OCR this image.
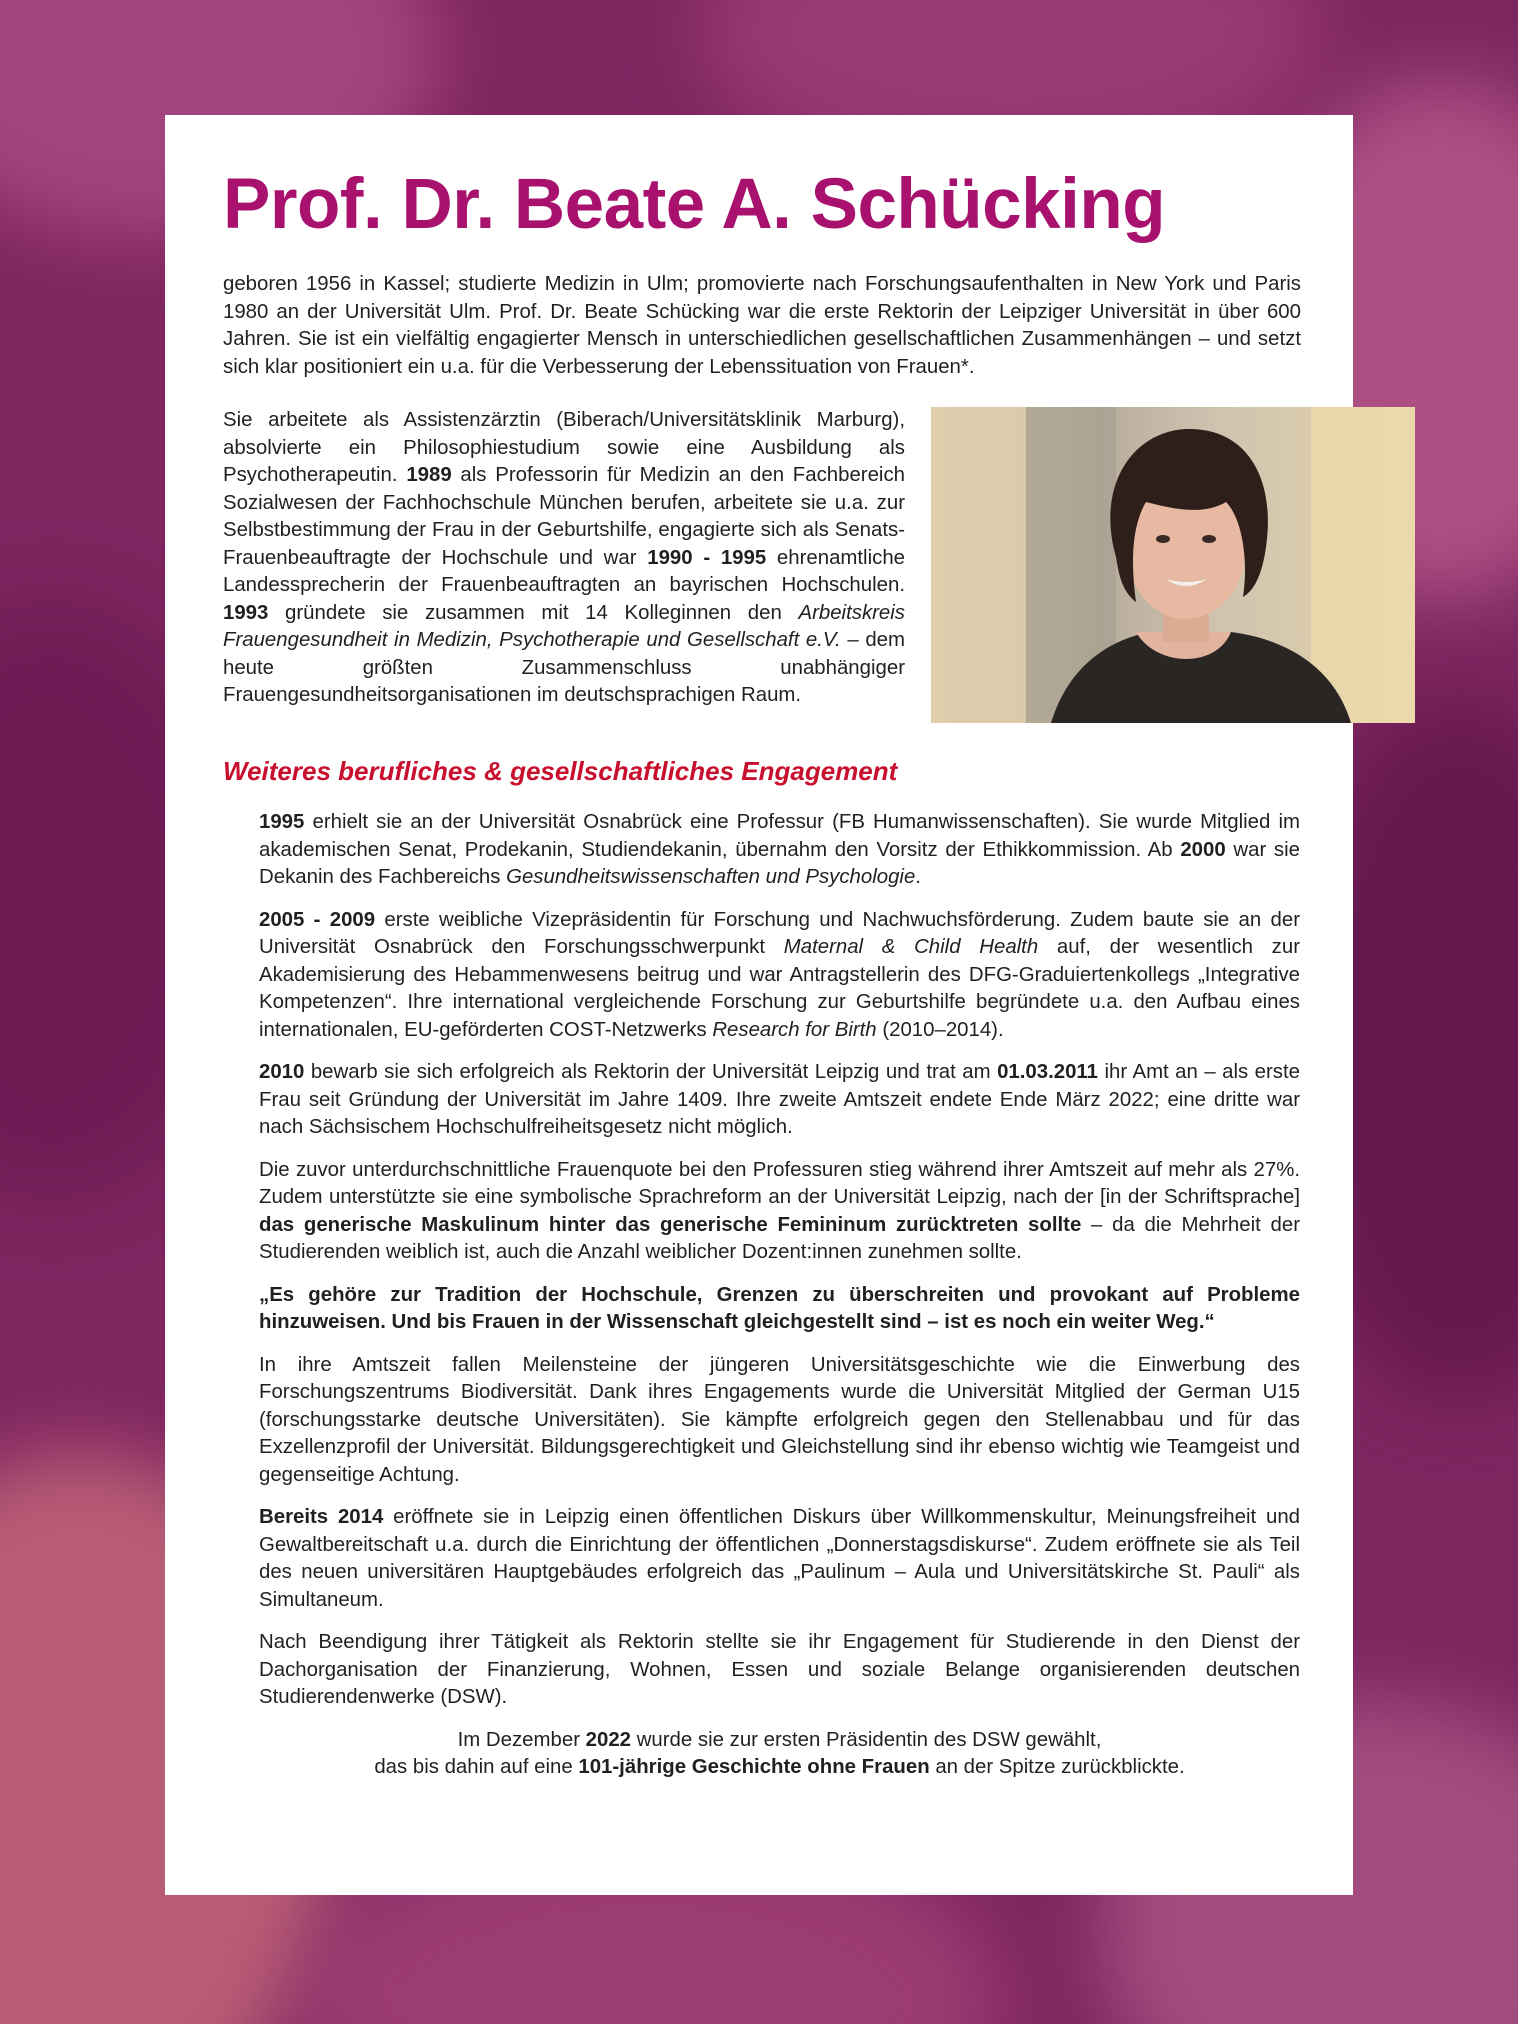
Prof. Dr. Beate A. Schücking

geboren 1956 in Kassel; studierte Medizin in Ulm; promovierte nach Forschungsaufenthalten in New York und Paris 1980 an der Universität Ulm. Prof. Dr. Beate Schücking war die erste Rektorin der Leipziger Universität in über 600 Jahren. Sie ist ein vielfältig engagierter Mensch in unterschiedlichen gesellschaftlichen Zusammenhängen – und setzt sich klar positioniert ein u.a. für die Verbesserung der Lebenssituation von Frauen*.

Sie arbeitete als Assistenzärztin (Biberach/Universitätsklinik Marburg), absolvierte ein Philosophiestudium sowie eine Ausbildung als Psychotherapeutin. 1989 als Professorin für Medizin an den Fachbereich Sozialwesen der Fachhochschule München berufen, arbeitete sie u.a. zur Selbstbestimmung der Frau in der Geburtshilfe, engagierte sich als Senats-Frauenbeauftragte der Hochschule und war 1990 - 1995 ehrenamtliche Landessprecherin der Frauenbeauftragten an bayrischen Hochschulen. 1993 gründete sie zusammen mit 14 Kolleginnen den Arbeitskreis Frauengesundheit in Medizin, Psychotherapie und Gesellschaft e.V. – dem heute größten Zusammenschluss unabhängiger Frauengesundheitsorganisationen im deutschsprachigen Raum.

Weiteres berufliches & gesellschaftliches Engagement

1995 erhielt sie an der Universität Osnabrück eine Professur (FB Humanwissenschaften). Sie wurde Mitglied im akademischen Senat, Prodekanin, Studiendekanin, übernahm den Vorsitz der Ethikkommission. Ab 2000 war sie Dekanin des Fachbereichs Gesundheitswissenschaften und Psychologie.

2005 - 2009 erste weibliche Vizepräsidentin für Forschung und Nachwuchsförderung. Zudem baute sie an der Universität Osnabrück den Forschungsschwerpunkt Maternal & Child Health auf, der wesentlich zur Akademisierung des Hebammenwesens beitrug und war Antragstellerin des DFG-Graduiertenkollegs „Integrative Kompetenzen“. Ihre international vergleichende Forschung zur Geburtshilfe begründete u.a. den Aufbau eines internationalen, EU-geförderten COST-Netzwerks Research for Birth (2010–2014).

2010 bewarb sie sich erfolgreich als Rektorin der Universität Leipzig und trat am 01.03.2011 ihr Amt an – als erste Frau seit Gründung der Universität im Jahre 1409. Ihre zweite Amtszeit endete Ende März 2022; eine dritte war nach Sächsischem Hochschulfreiheitsgesetz nicht möglich.

Die zuvor unterdurchschnittliche Frauenquote bei den Professuren stieg während ihrer Amtszeit auf mehr als 27%. Zudem unterstützte sie eine symbolische Sprachreform an der Universität Leipzig, nach der [in der Schriftsprache] das generische Maskulinum hinter das generische Femininum zurücktreten sollte – da die Mehrheit der Studierenden weiblich ist, auch die Anzahl weiblicher Dozent:innen zunehmen sollte.

„Es gehöre zur Tradition der Hochschule, Grenzen zu überschreiten und provokant auf Probleme hinzuweisen. Und bis Frauen in der Wissenschaft gleichgestellt sind – ist es noch ein weiter Weg.“

In ihre Amtszeit fallen Meilensteine der jüngeren Universitätsgeschichte wie die Einwerbung des Forschungszentrums Biodiversität. Dank ihres Engagements wurde die Universität Mitglied der German U15 (forschungsstarke deutsche Universitäten). Sie kämpfte erfolgreich gegen den Stellenabbau und für das Exzellenzprofil der Universität. Bildungsgerechtigkeit und Gleichstellung sind ihr ebenso wichtig wie Teamgeist und gegenseitige Achtung.

Bereits 2014 eröffnete sie in Leipzig einen öffentlichen Diskurs über Willkommenskultur, Meinungsfreiheit und Gewaltbereitschaft u.a. durch die Einrichtung der öffentlichen „Donnerstagsdiskurse“. Zudem eröffnete sie als Teil des neuen universitären Hauptgebäudes erfolgreich das „Paulinum – Aula und Universitätskirche St. Pauli“ als Simultaneum.

Nach Beendigung ihrer Tätigkeit als Rektorin stellte sie ihr Engagement für Studierende in den Dienst der Dachorganisation der Finanzierung, Wohnen, Essen und soziale Belange organisierenden deutschen Studierendenwerke (DSW).

Im Dezember 2022 wurde sie zur ersten Präsidentin des DSW gewählt,

das bis dahin auf eine 101-jährige Geschichte ohne Frauen an der Spitze zurückblickte.
